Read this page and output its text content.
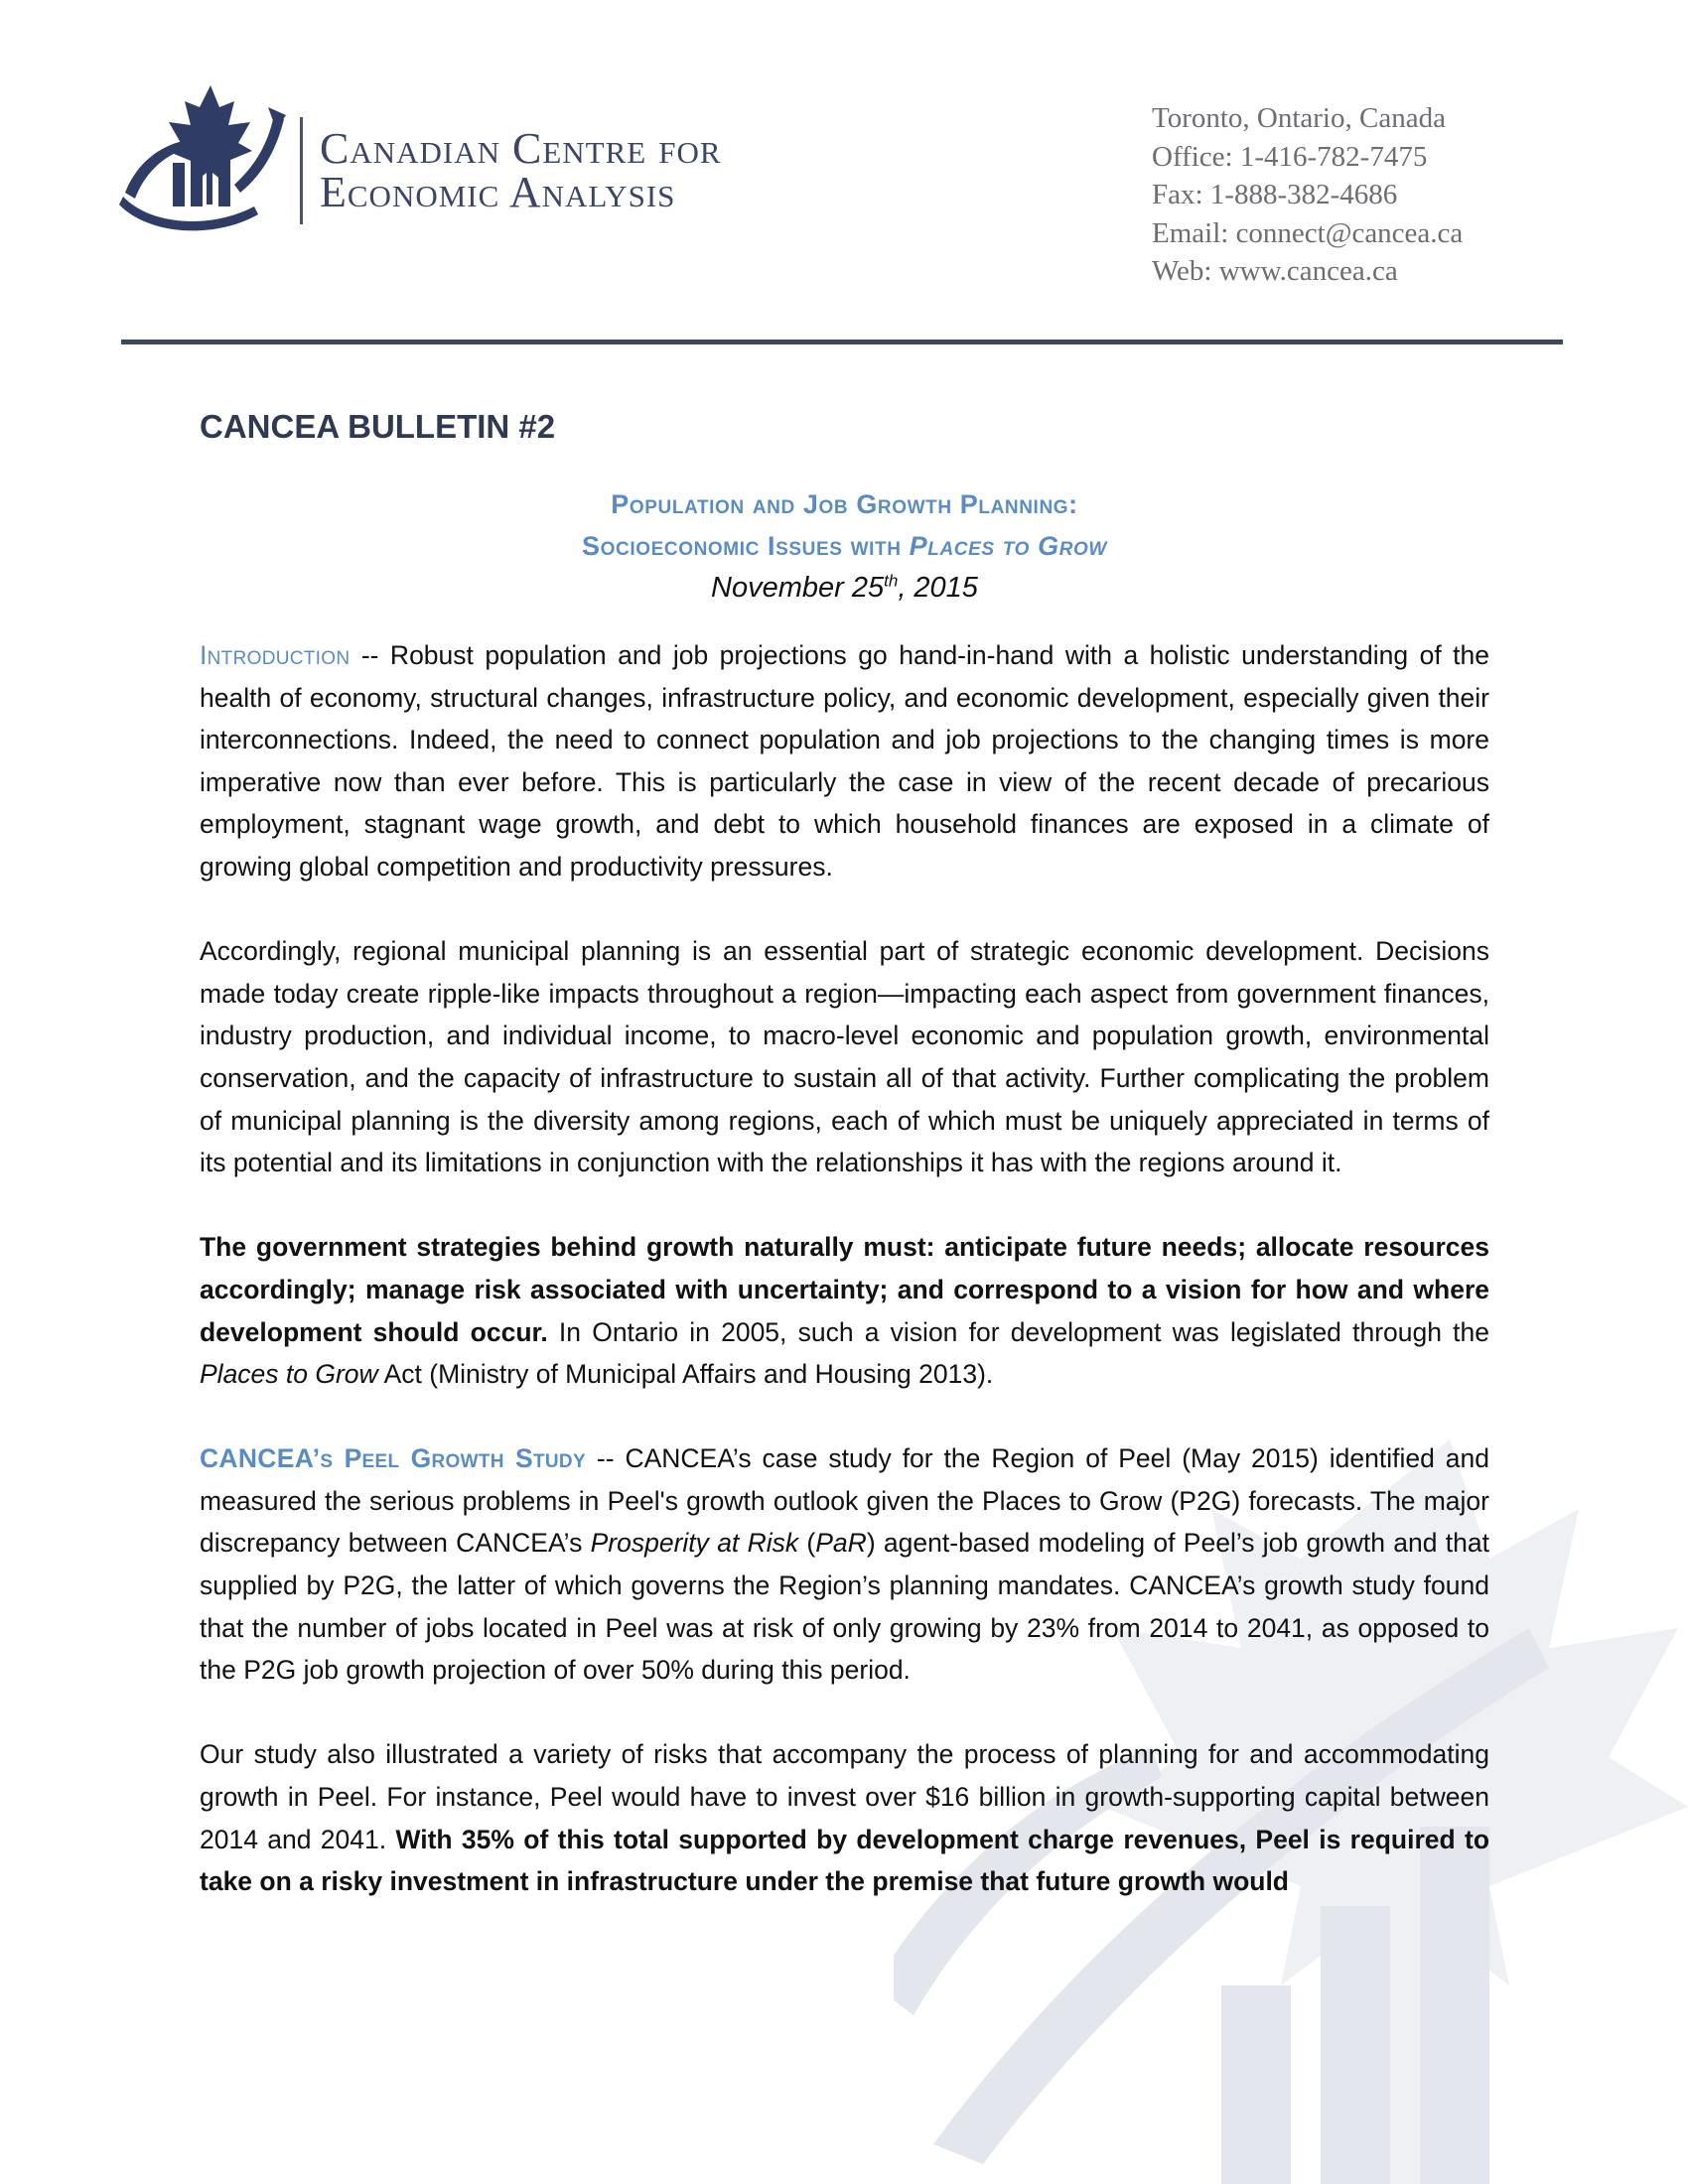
Canadian Centre for
Economic Analysis
Toronto, Ontario, Canada
Office: 1-416-782-7475
Fax: 1-888-382-4686
Email: connect@cancea.ca
Web: www.cancea.ca
CANCEA BULLETIN #2
Population and Job Growth Planning:
Socioeconomic Issues with Places to Grow
November 25th, 2015

Introduction -- Robust population and job projections go hand-in-hand with a holistic understanding of the health of economy, structural changes, infrastructure policy, and economic development, especially given their interconnections. Indeed, the need to connect population and job projections to the changing times is more imperative now than ever before. This is particularly the case in view of the recent decade of precarious employment, stagnant wage growth, and debt to which household finances are exposed in a climate of growing global competition and productivity pressures.

Accordingly, regional municipal planning is an essential part of strategic economic development. Decisions made today create ripple-like impacts throughout a region—impacting each aspect from government finances, industry production, and individual income, to macro-level economic and population growth, environmental conservation, and the capacity of infrastructure to sustain all of that activity. Further complicating the problem of municipal planning is the diversity among regions, each of which must be uniquely appreciated in terms of its potential and its limitations in conjunction with the relationships it has with the regions around it.

The government strategies behind growth naturally must: anticipate future needs; allocate resources accordingly; manage risk associated with uncertainty; and correspond to a vision for how and where development should occur. In Ontario in 2005, such a vision for development was legislated through the Places to Grow Act (Ministry of Municipal Affairs and Housing 2013).

CANCEA’s Peel Growth Study -- CANCEA’s case study for the Region of Peel (May 2015) identified and measured the serious problems in Peel's growth outlook given the Places to Grow (P2G) forecasts. The major discrepancy between CANCEA’s Prosperity at Risk (PaR) agent-based modeling of Peel’s job growth and that supplied by P2G, the latter of which governs the Region’s planning mandates. CANCEA’s growth study found that the number of jobs located in Peel was at risk of only growing by 23% from 2014 to 2041, as opposed to the P2G job growth projection of over 50% during this period.

Our study also illustrated a variety of risks that accompany the process of planning for and accommodating growth in Peel. For instance, Peel would have to invest over $16 billion in growth-supporting capital between 2014 and 2041. With 35% of this total supported by development charge revenues, Peel is required to take on a risky investment in infrastructure under the premise that future growth would
